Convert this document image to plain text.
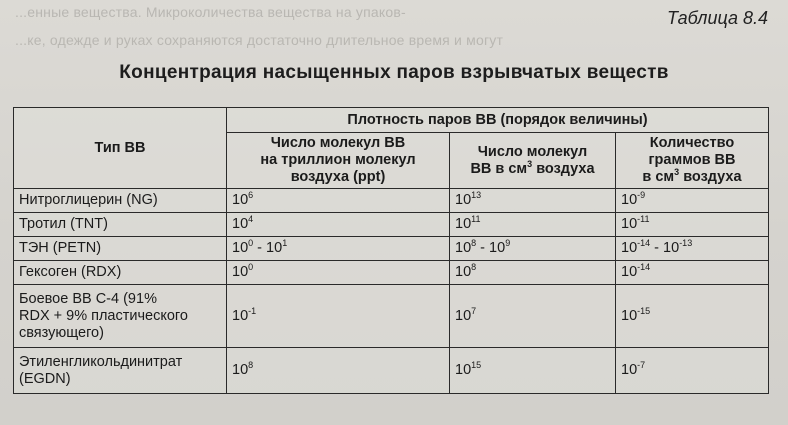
...енные вещества. Микроколичества вещества на упаков-
...ке, одежде и руках сохраняются достаточно длительное время и могут
Таблица 8.4
Концентрация насыщенных паров взрывчатых веществ
Тип ВВ	Плотность паров ВВ (порядок величины)		
	Число молекул ВВ
на триллион молекул
воздуха (ppt)	Число молекул
ВВ в $см^3$ воздуха	Количество
граммов ВВ
в $см^3$ воздуха
Нитроглицерин (NG)	$10^6$	$10^{13}$	$10^{-9}$
Тротил (TNT)	$10^4$	$10^{11}$	$10^{-11}$
ТЭН (PETN)	$10^0 - 10^1$	$10^8 - 10^9$	$10^{-14} - 10^{-13}$
Гексоген (RDX)	$10^0$	$10^8$	$10^{-14}$
Боевое ВВ С-4 (91%
RDX + 9% пластического
связующего)	$10^{-1}$	$10^7$	$10^{-15}$
Этиленгликольдинитрат
(EGDN)	$10^8$	$10^{15}$	$10^{-7}$
